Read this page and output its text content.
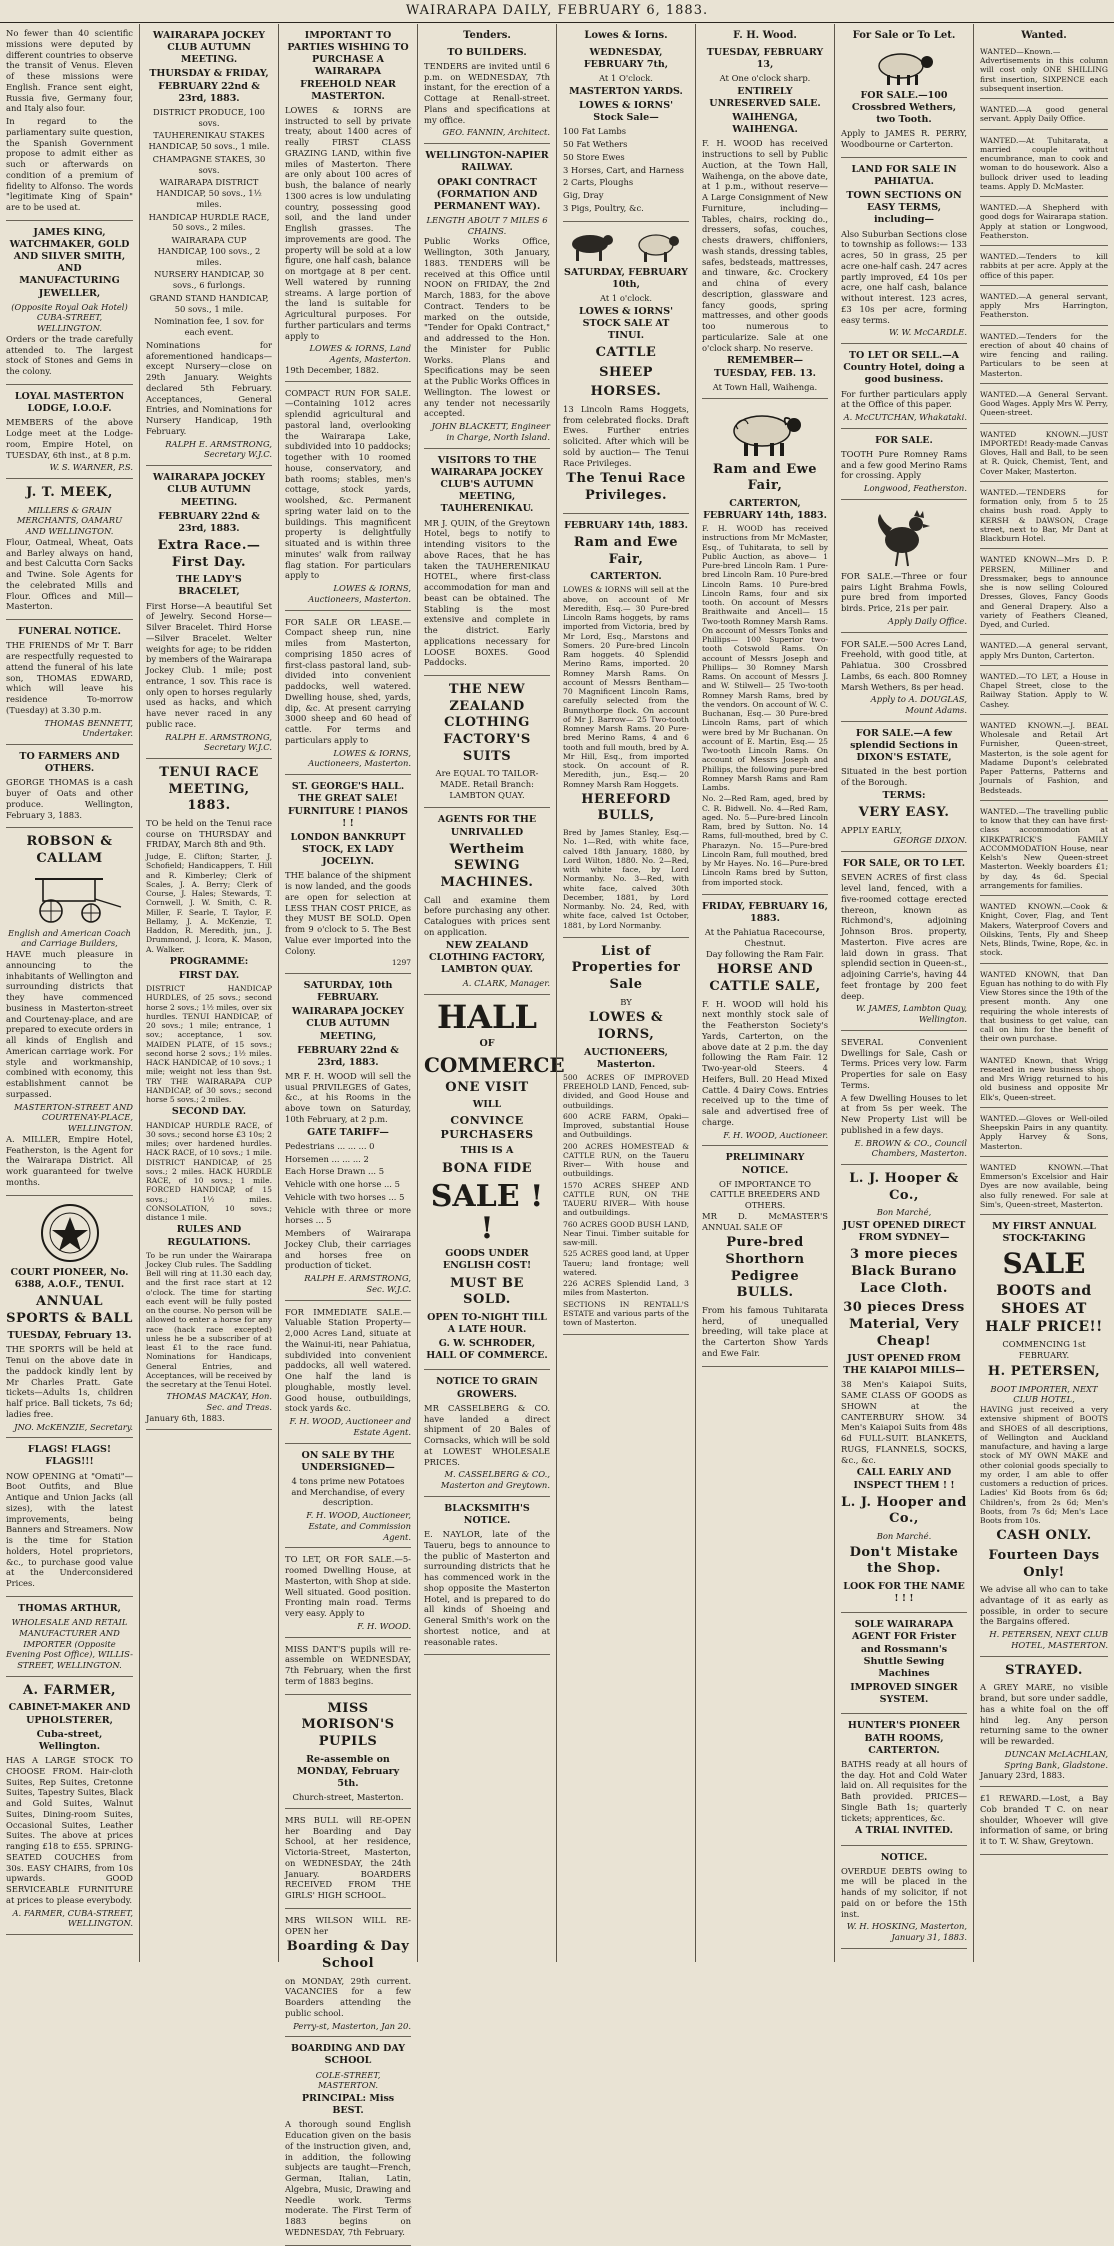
WAIRARAPA DAILY, FEBRUARY 6, 1883.

No fewer than 40 scientific missions were deputed by different countries to observe the transit of Venus. Eleven of these missions were English. France sent eight, Russia five, Germany four, and Italy also four.

In regard to the parliamentary suite question, the Spanish Government propose to admit either as such or afterwards on condition of a premium of fidelity to Alfonso. The words "legitimate King of Spain" are to be used at.

JAMES KING, WATCHMAKER, GOLD AND SILVER SMITH, AND MANUFACTURING JEWELLER,
(Opposite Royal Oak Hotel) CUBA-STREET, WELLINGTON.

Orders or the trade carefully attended to. The largest stock of Stones and Gems in the colony.

LOYAL MASTERTON LODGE, I.O.O.F.

MEMBERS of the above Lodge meet at the Lodge-room, Empire Hotel, on TUESDAY, 6th inst., at 8 p.m.

W. S. WARNER, P.S.
J. T. MEEK,
MILLERS & GRAIN MERCHANTS, OAMARU AND WELLINGTON.

Flour, Oatmeal, Wheat, Oats and Barley always on hand, and best Calcutta Corn Sacks and Twine. Sole Agents for the celebrated Mills and Flour. Offices and Mill—Masterton.

FUNERAL NOTICE.

THE FRIENDS of Mr T. Barr are respectfully requested to attend the funeral of his late son, THOMAS EDWARD, which will leave his residence To-morrow (Tuesday) at 3.30 p.m.

THOMAS BENNETT, Undertaker.
TO FARMERS AND OTHERS.

GEORGE THOMAS is a cash buyer of Oats and other produce. Wellington, February 3, 1883.

ROBSON & CALLAM
English and American Coach and Carriage Builders,

HAVE much pleasure in announcing to the inhabitants of Wellington and surrounding districts that they have commenced business in Masterton-street and Courtenay-place, and are prepared to execute orders in all kinds of English and American carriage work. For style and workmanship, combined with economy, this establishment cannot be surpassed.

MASTERTON-STREET AND COURTENAY-PLACE, WELLINGTON.

A. MILLER, Empire Hotel, Featherston, is the Agent for the Wairarapa District. All work guaranteed for twelve months.

COURT PIONEER, No. 6388, A.O.F., TENUI.
ANNUAL SPORTS & BALL
TUESDAY, February 13.

THE SPORTS will be held at Tenui on the above date in the paddock kindly lent by Mr Charles Pratt. Gate tickets—Adults 1s, children half price. Ball tickets, 7s 6d; ladies free.

JNO. McKENZIE, Secretary.
FLAGS! FLAGS! FLAGS!!!

NOW OPENING at "Omati"—Boot Outfits, and Blue Antique and Union Jacks (all sizes), with the latest improvements, being Banners and Streamers. Now is the time for Station holders, Hotel proprietors, &c., to purchase good value at the Underconsidered Prices.

THOMAS ARTHUR,
WHOLESALE AND RETAIL MANUFACTURER AND IMPORTER (Opposite Evening Post Office), WILLIS-STREET, WELLINGTON.
A. FARMER,
CABINET-MAKER AND UPHOLSTERER,
Cuba-street, Wellington.

HAS A LARGE STOCK TO CHOOSE FROM. Hair-cloth Suites, Rep Suites, Cretonne Suites, Tapestry Suites, Black and Gold Suites, Walnut Suites, Dining-room Suites, Occasional Suites, Leather Suites. The above at prices ranging £18 to £55. SPRING-SEATED COUCHES from 30s. EASY CHAIRS, from 10s upwards. GOOD SERVICEABLE FURNITURE at prices to please everybody.

A. FARMER, CUBA-STREET, WELLINGTON.
WAIRARAPA JOCKEY CLUB AUTUMN MEETING.
THURSDAY & FRIDAY, FEBRUARY 22nd & 23rd, 1883.

DISTRICT PRODUCE, 100 sovs.

TAUHERENIKAU STAKES HANDICAP, 50 sovs., 1 mile.

CHAMPAGNE STAKES, 30 sovs.

WAIRARAPA DISTRICT HANDICAP, 50 sovs., 1½ miles.

HANDICAP HURDLE RACE, 50 sovs., 2 miles.

WAIRARAPA CUP HANDICAP, 100 sovs., 2 miles.

NURSERY HANDICAP, 30 sovs., 6 furlongs.

GRAND STAND HANDICAP, 50 sovs., 1 mile.

Nomination fee, 1 sov. for each event.

Nominations for aforementioned handicaps—except Nursery—close on 29th January. Weights declared 5th February. Acceptances, General Entries, and Nominations for Nursery Handicap, 19th February.

RALPH E. ARMSTRONG, Secretary W.J.C.
WAIRARAPA JOCKEY CLUB AUTUMN MEETING.
FEBRUARY 22nd & 23rd, 1883.
Extra Race.—First Day.
THE LADY'S BRACELET,

First Horse—A beautiful Set of Jewelry. Second Horse—Silver Bracelet. Third Horse—Silver Bracelet. Welter weights for age; to be ridden by members of the Wairarapa Jockey Club. 1 mile; post entrance, 1 sov. This race is only open to horses regularly used as hacks, and which have never raced in any public race.

RALPH E. ARMSTRONG, Secretary W.J.C.
TENUI RACE MEETING, 1883.

TO be held on the Tenui race course on THURSDAY and FRIDAY, March 8th and 9th.

Judge, E. Clifton; Starter, J. Schofield; Handicappers, T. Hill and R. Kimberley; Clerk of Scales, J. A. Berry; Clerk of Course, J. Hales; Stewards, T. Cornwell, J. W. Smith, C. R. Miller, F. Searle, T. Taylor, F. Bellamy, J. A. McKenzie, T. Haddon, R. Meredith, jun., J. Drummond, J. Icora, K. Mason, A. Walker.

PROGRAMME:
FIRST DAY.

DISTRICT HANDICAP HURDLES, of 25 sovs.; second horse 2 sovs.; 1½ miles, over six hurdles. TENUI HANDICAP, of 20 sovs.; 1 mile; entrance, 1 sov.; acceptance, 1 sov. MAIDEN PLATE, of 15 sovs.; second horse 2 sovs.; 1½ miles. HACK HANDICAP, of 10 sovs.; 1 mile; weight not less than 9st. TRY THE WAIRARAPA CUP HANDICAP, of 30 sovs.; second horse 5 sovs.; 2 miles.

SECOND DAY.

HANDICAP HURDLE RACE, of 30 sovs.; second horse £3 10s; 2 miles; over hardened hurdles. HACK RACE, of 10 sovs.; 1 mile. DISTRICT HANDICAP, of 25 sovs.; 2 miles. HACK HURDLE RACE, of 10 sovs.; 1 mile. FORCED HANDICAP, of 15 sovs.; 1½ miles. CONSOLATION, 10 sovs.; distance 1 mile.

RULES AND REGULATIONS.

To be run under the Wairarapa Jockey Club rules. The Saddling Bell will ring at 11.30 each day, and the first race start at 12 o'clock. The time for starting each event will be fully posted on the course. No person will be allowed to enter a horse for any race (hack race excepted) unless he be a subscriber of at least £1 to the race fund. Nominations for Handicaps, General Entries, and Acceptances, will be received by the secretary at the Tenui Hotel.

THOMAS MACKAY, Hon. Sec. and Treas.
January 6th, 1883.
IMPORTANT TO PARTIES WISHING TO PURCHASE A WAIRARAPA FREEHOLD NEAR MASTERTON.

LOWES & IORNS are instructed to sell by private treaty, about 1400 acres of really FIRST CLASS GRAZING LAND, within five miles of Masterton. There are only about 100 acres of bush, the balance of nearly 1300 acres is low undulating country, possessing good soil, and the land under English grasses. The improvements are good. The property will be sold at a low figure, one half cash, balance on mortgage at 8 per cent. Well watered by running streams. A large portion of the land is suitable for Agricultural purposes. For further particulars and terms apply to

LOWES & IORNS, Land Agents, Masterton.
19th December, 1882.

COMPACT RUN FOR SALE.—Containing 1012 acres splendid agricultural and pastoral land, overlooking the Wairarapa Lake, subdivided into 10 paddocks; together with 10 roomed house, conservatory, and bath rooms; stables, men's cottage, stock yards, woolshed, &c. Permanent spring water laid on to the buildings. This magnificent property is delightfully situated and is within three minutes' walk from railway flag station. For particulars apply to

LOWES & IORNS, Auctioneers, Masterton.

FOR SALE OR LEASE.—Compact sheep run, nine miles from Masterton, comprising 1850 acres of first-class pastoral land, sub-divided into convenient paddocks, well watered. Dwelling house, shed, yards, dip, &c. At present carrying 3000 sheep and 60 head of cattle. For terms and particulars apply to

LOWES & IORNS, Auctioneers, Masterton.
ST. GEORGE'S HALL. THE GREAT SALE! FURNITURE ! PIANOS ! !
LONDON BANKRUPT STOCK, EX LADY JOCELYN.

THE balance of the shipment is now landed, and the goods are open for selection at LESS THAN COST PRICE, as they MUST BE SOLD. Open from 9 o'clock to 5. The Best Value ever imported into the Colony.

1297
SATURDAY, 10th FEBRUARY.
WAIRARAPA JOCKEY CLUB AUTUMN MEETING,
FEBRUARY 22nd & 23rd, 1883.

MR F. H. WOOD will sell the usual PRIVILEGES of Gates, &c., at his Rooms in the above town on Saturday, 10th February, at 2 p.m.

GATE TARIFF—

Pedestrians ... ... ... 0

Horsemen ... ... ... 2

Each Horse Drawn ... 5

Vehicle with one horse ... 5

Vehicle with two horses ... 5

Vehicle with three or more horses ... 5

Members of Wairarapa Jockey Club, their carriages and horses free on production of ticket.

RALPH E. ARMSTRONG, Sec. W.J.C.

FOR IMMEDIATE SALE.—Valuable Station Property—2,000 Acres Land, situate at the Wainui-iti, near Pahiatua, subdivided into convenient paddocks, all well watered. One half the land is ploughable, mostly level. Good house, outbuildings, stock yards &c.

F. H. WOOD, Auctioneer and Estate Agent.
ON SALE BY THE UNDERSIGNED—

4 tons prime new Potatoes and Merchandise, of every description.

F. H. WOOD, Auctioneer, Estate, and Commission Agent.

TO LET, OR FOR SALE.—5-roomed Dwelling House, at Masterton, with Shop at side. Well situated. Good position. Fronting main road. Terms very easy. Apply to

F. H. WOOD.

MISS DANT'S pupils will re-assemble on WEDNESDAY, 7th February, when the first term of 1883 begins.

MISS MORISON'S PUPILS
Re-assemble on MONDAY, February 5th.
Church-street, Masterton.

MRS BULL will RE-OPEN her Boarding and Day School, at her residence, Victoria-Street, Masterton, on WEDNESDAY, the 24th January. BOARDERS RECEIVED FROM THE GIRLS' HIGH SCHOOL.

MRS WILSON WILL RE-OPEN her

Boarding & Day School

on MONDAY, 29th current. VACANCIES for a few Boarders attending the public school.

Perry-st, Masterton, Jan 20.
BOARDING AND DAY SCHOOL
COLE-STREET, MASTERTON.
PRINCIPAL: Miss BEST.

A thorough sound English Education given on the basis of the instruction given, and, in addition, the following subjects are taught—French, German, Italian, Latin, Algebra, Music, Drawing and Needle work. Terms moderate. The First Term of 1883 begins on WEDNESDAY, 7th February.

Tenders.
TO BUILDERS.

TENDERS are invited until 6 p.m. on WEDNESDAY, 7th instant, for the erection of a Cottage at Renall-street. Plans and specifications at my office.

GEO. FANNIN, Architect.
WELLINGTON-NAPIER RAILWAY.
OPAKI CONTRACT (FORMATION AND PERMANENT WAY).
LENGTH ABOUT 7 MILES 6 CHAINS.

Public Works Office, Wellington, 30th January, 1883. TENDERS will be received at this Office until NOON on FRIDAY, the 2nd March, 1883, for the above Contract. Tenders to be marked on the outside, "Tender for Opaki Contract," and addressed to the Hon. the Minister for Public Works. Plans and Specifications may be seen at the Public Works Offices in Wellington. The lowest or any tender not necessarily accepted.

JOHN BLACKETT, Engineer in Charge, North Island.
VISITORS TO THE WAIRARAPA JOCKEY CLUB'S AUTUMN MEETING, TAUHERENIKAU.

MR J. QUIN, of the Greytown Hotel, begs to notify to intending visitors to the above Races, that he has taken the TAUHERENIKAU HOTEL, where first-class accommodation for man and beast can be obtained. The Stabling is the most extensive and complete in the district. Early applications necessary for LOOSE BOXES. Good Paddocks.

THE NEW ZEALAND CLOTHING FACTORY'S SUITS

Are EQUAL TO TAILOR-MADE. Retail Branch: LAMBTON QUAY.

AGENTS FOR THE UNRIVALLED
Wertheim SEWING MACHINES.

Call and examine them before purchasing any other. Catalogues with prices sent on application.

NEW ZEALAND CLOTHING FACTORY, LAMBTON QUAY.
A. CLARK, Manager.
HALL
OF
COMMERCE
ONE VISIT
WILL
CONVINCE PURCHASERS
THIS IS A
BONA FIDE
SALE ! !
GOODS UNDER ENGLISH COST!
MUST BE SOLD.
OPEN TO-NIGHT TILL A LATE HOUR.
G. W. SCHRODER, HALL OF COMMERCE.
NOTICE TO GRAIN GROWERS.

MR CASSELBERG & CO. have landed a direct shipment of 20 Bales of Cornsacks, which will be sold at LOWEST WHOLESALE PRICES.

M. CASSELBERG & CO., Masterton and Greytown.
BLACKSMITH'S NOTICE.

E. NAYLOR, late of the Taueru, begs to announce to the public of Masterton and surrounding districts that he has commenced work in the shop opposite the Masterton Hotel, and is prepared to do all kinds of Shoeing and General Smith's work on the shortest notice, and at reasonable rates.

Lowes & Iorns.
WEDNESDAY, FEBRUARY 7th,
At 1 O'clock.
MASTERTON YARDS.
LOWES & IORNS' Stock Sale—

100 Fat Lambs

50 Fat Wethers

50 Store Ewes

3 Horses, Cart, and Harness

2 Carts, Ploughs

Gig, Dray

3 Pigs, Poultry, &c.

SATURDAY, FEBRUARY 10th,
At 1 o'clock.
LOWES & IORNS' STOCK SALE AT TINUI.
CATTLE
SHEEP
HORSES.

13 Lincoln Rams Hoggets, from celebrated flocks. Draft Ewes. Further entries solicited. After which will be sold by auction— The Tenui Race Privileges.

The Tenui Race Privileges.
FEBRUARY 14th, 1883.
Ram and Ewe Fair,
CARTERTON.

LOWES & IORNS will sell at the above, on account of Mr Meredith, Esq.— 30 Pure-bred Lincoln Rams hoggets, by rams imported from Victoria, bred by Mr Lord, Esq., Marstons and Somers. 20 Pure-bred Lincoln Ram hoggets. 40 Splendid Merino Rams, imported. 20 Romney Marsh Rams. On account of Messrs Bentham— 70 Magnificent Lincoln Rams, carefully selected from the Bunnythorpe flock. On account of Mr J. Barrow— 25 Two-tooth Romney Marsh Rams. 20 Pure-bred Merino Rams, 4 and 6 tooth and full mouth, bred by A. Mr Hill, Esq., from imported stock. On account of R. Meredith, jun., Esq.— 20 Romney Marsh Ram Hoggets.

HEREFORD BULLS,

Bred by James Stanley, Esq.— No. 1—Red, with white face, calved 18th January, 1880, by Lord Wilton, 1880. No. 2—Red, with white face, by Lord Normanby. No. 3—Red, with white face, calved 30th December, 1881, by Lord Normanby. No. 24, Red, with white face, calved 1st October, 1881, by Lord Normanby.

List of Properties for Sale
BY
LOWES & IORNS,
AUCTIONEERS, Masterton.

500 ACRES OF IMPROVED FREEHOLD LAND, Fenced, sub-divided, and Good House and outbuildings.

600 ACRE FARM, Opaki— Improved, substantial House and Outbuildings.

200 ACRES HOMESTEAD & CATTLE RUN, on the Taueru River— With house and outbuildings.

1570 ACRES SHEEP AND CATTLE RUN, ON THE TAUERU RIVER— With house and outbuildings.

760 ACRES GOOD BUSH LAND, Near Tinui. Timber suitable for saw-mill.

525 ACRES good land, at Upper Taueru; land frontage; well watered.

226 ACRES Splendid Land, 3 miles from Masterton.

SECTIONS IN RENTALL'S ESTATE and various parts of the town of Masterton.

F. H. Wood.
TUESDAY, FEBRUARY 13,
At One o'clock sharp.
ENTIRELY UNRESERVED SALE.
WAIHENGA, WAIHENGA.

F. H. WOOD has received instructions to sell by Public Auction, at the Town Hall, Waihenga, on the above date, at 1 p.m., without reserve— A Large Consignment of New Furniture, including— Tables, chairs, rocking do., dressers, sofas, couches, chests drawers, chiffoniers, wash stands, dressing tables, safes, bedsteads, mattresses, and tinware, &c. Crockery and china of every description, glassware and fancy goods, spring mattresses, and other goods too numerous to particularize. Sale at one o'clock sharp. No reserve.

REMEMBER—TUESDAY, FEB. 13.
At Town Hall, Waihenga.
Ram and Ewe Fair,
CARTERTON, FEBRUARY 14th, 1883.

F. H. WOOD has received instructions from Mr McMaster, Esq., of Tuhitarata, to sell by Public Auction, as above— 1 Pure-bred Lincoln Ram. 1 Pure-bred Lincoln Ram. 10 Pure-bred Lincoln Rams. 10 Pure-bred Lincoln Rams, four and six tooth. On account of Messrs Braithwaite and Ancell— 15 Two-tooth Romney Marsh Rams. On account of Messrs Tonks and Phillips— 100 Superior two-tooth Cotswold Rams. On account of Messrs Joseph and Phillips— 30 Romney Marsh Rams. On account of Messrs J. and W. Stilwell— 25 Two-tooth Romney Marsh Rams, bred by the vendors. On account of W. C. Buchanan, Esq.— 30 Pure-bred Lincoln Rams, part of which were bred by Mr Buchanan. On account of E. Martin, Esq.— 25 Two-tooth Lincoln Rams. On account of Messrs Joseph and Phillips, the following pure-bred Romney Marsh Rams and Ram Lambs.

No. 2—Red Ram, aged, bred by C. R. Bidwell. No. 4—Red Ram, aged. No. 5—Pure-bred Lincoln Ram, bred by Sutton. No. 14 Rams, full-mouthed, bred by C. Pharazyn. No. 15—Pure-bred Lincoln Ram, full mouthed, bred by Mr Hayes. No. 16—Pure-bred Lincoln Rams bred by Sutton, from imported stock.

FRIDAY, FEBRUARY 16, 1883.
At the Pahiatua Racecourse, Chestnut.
Day following the Ram Fair.
HORSE AND CATTLE SALE,

F. H. WOOD will hold his next monthly stock sale of the Featherston Society's Yards, Carterton, on the above date at 2 p.m. the day following the Ram Fair. 12 Two-year-old Steers. 4 Heifers, Bull. 20 Head Mixed Cattle. 4 Dairy Cows. Entries received up to the time of sale and advertised free of charge.

F. H. WOOD, Auctioneer.
PRELIMINARY NOTICE.
OF IMPORTANCE TO CATTLE BREEDERS AND OTHERS.

MR D. McMASTER'S ANNUAL SALE OF

Pure-bred Shorthorn Pedigree BULLS.

From his famous Tuhitarata herd, of unequalled breeding, will take place at the Carterton Show Yards and Ewe Fair.

For Sale or To Let.
FOR SALE.—100 Crossbred Wethers, two Tooth.

Apply to JAMES R. PERRY, Woodbourne or Carterton.

LAND FOR SALE IN PAHIATUA.
TOWN SECTIONS ON EASY TERMS, including—

Also Suburban Sections close to township as follows:— 133 acres, 50 in grass, 25 per acre one-half cash. 247 acres partly improved, £4 10s per acre, one half cash, balance without interest. 123 acres, £3 10s per acre, forming easy terms.

W. W. McCARDLE.
TO LET OR SELL.—A Country Hotel, doing a good business.

For further particulars apply at the Office of this paper.

A. McCUTCHAN, Whakataki.
FOR SALE.

TOOTH Pure Romney Rams and a few good Merino Rams for crossing. Apply

Longwood, Featherston.

FOR SALE.—Three or four pairs Light Brahma Fowls, pure bred from imported birds. Price, 21s per pair.

Apply Daily Office.

FOR SALE.—500 Acres Land, Freehold, with good title, at Pahiatua. 300 Crossbred Lambs, 6s each. 800 Romney Marsh Wethers, 8s per head.

Apply to A. DOUGLAS, Mount Adams.
FOR SALE.—A few splendid Sections in DIXON'S ESTATE,

Situated in the best portion of the Borough.

TERMS:
VERY EASY.
APPLY EARLY,
GEORGE DIXON.
FOR SALE, OR TO LET.

SEVEN ACRES of first class level land, fenced, with a five-roomed cottage erected thereon, known as Richmond's, adjoining Johnson Bros. property, Masterton. Five acres are laid down in grass. That splendid section in Queen-st., adjoining Carrie's, having 44 feet frontage by 200 feet deep.

W. JAMES, Lambton Quay, Wellington.

SEVERAL Convenient Dwellings for Sale, Cash or Terms. Prices very low. Farm Properties for sale on Easy Terms.

A few Dwelling Houses to let at from 5s per week. The New Property List will be published in a few days.

E. BROWN & CO., Council Chambers, Masterton.
L. J. Hooper & Co.,
Bon Marché,
JUST OPENED DIRECT FROM SYDNEY—
3 more pieces Black Burano Lace Cloth.
30 pieces Dress Material, Very Cheap!
JUST OPENED FROM THE KAIAPOI MILLS—

38 Men's Kaiapoi Suits, SAME CLASS OF GOODS as SHOWN at the CANTERBURY SHOW. 34 Men's Kaiapoi Suits from 48s 6d FULL-SUIT. BLANKETS, RUGS, FLANNELS, SOCKS, &c., &c.

CALL EARLY AND INSPECT THEM ! !
L. J. Hooper and Co.,
Bon Marché.
Don't Mistake the Shop.
LOOK FOR THE NAME ! ! !
SOLE WAIRARAPA AGENT FOR Frister and Rossmann's Shuttle Sewing Machines
IMPROVED SINGER SYSTEM.
HUNTER'S PIONEER BATH ROOMS, CARTERTON.

BATHS ready at all hours of the day. Hot and Cold Water laid on. All requisites for the Bath provided. PRICES—Single Bath 1s; quarterly tickets; apprentices, &c.

A TRIAL INVITED.
NOTICE.

OVERDUE DEBTS owing to me will be placed in the hands of my solicitor, if not paid on or before the 15th inst.

W. H. HOSKING, Masterton, January 31, 1883.
Wanted.
WANTED—Known.—Advertisements in this column will cost only ONE SHILLING first insertion, SIXPENCE each subsequent insertion.
WANTED.—A good general servant. Apply Daily Office.
WANTED.—At Tuhitarata, a married couple without encumbrance, man to cook and woman to do housework. Also a bullock driver used to leading teams. Apply D. McMaster.
WANTED.—A Shepherd with good dogs for Wairarapa station. Apply at station or Longwood, Featherston.
WANTED.—Tenders to kill rabbits at per acre. Apply at the office of this paper.
WANTED.—A general servant, apply Mrs Harrington, Featherston.
WANTED.—Tenders for the erection of about 40 chains of wire fencing and railing. Particulars to be seen at Masterton.
WANTED.—A General Servant. Good Wages. Apply Mrs W. Perry, Queen-street.
WANTED KNOWN.—JUST IMPORTED! Ready-made Canvas Gloves, Hall and Ball, to be seen at R. Quick, Chemist, Tent, and Cover Maker, Masterton.
WANTED.—TENDERS for formation only, from 5 to 25 chains bush road. Apply to KERSH & DAWSON, Crage street, next to Bar, Mr Dant at Blackburn Hotel.
WANTED KNOWN—Mrs D. P. PERSEN, Milliner and Dressmaker, begs to announce she is now selling Coloured Dresses, Gloves, Fancy Goods and General Drapery. Also a variety of Feathers Cleaned, Dyed, and Curled.
WANTED.—A general servant, apply Mrs Dunton, Carterton.
WANTED.—TO LET, a House in Chapel Street, close to the Railway Station. Apply to W. Cashey.
WANTED KNOWN.—J. BEAL Wholesale and Retail Art Furnisher, Queen-street, Masterton, is the sole agent for Madame Dupont's celebrated Paper Patterns, Patterns and Journals of Fashion, and Bedsteads.
WANTED.—The travelling public to know that they can have first-class accommodation at KIRKPATRICK'S FAMILY ACCOMMODATION House, near Kelsh's New Queen-street Masterton. Weekly boarders £1; by day, 4s 6d. Special arrangements for families.
WANTED KNOWN.—Cook & Knight, Cover, Flag, and Tent Makers, Waterproof Covers and Oilskins, Tents, Fly and Sheep Nets, Blinds, Twine, Rope, &c. in stock.
WANTED KNOWN, that Dan Eguan has nothing to do with Fly View Stores since the 19th of the present month. Any one requiring the whole interests of that business to get value, can call on him for the benefit of their own purchase.
WANTED Known, that Wrigg reseated in new business shop, and Mrs Wrigg returned to his old business and opposite Mr Elk's, Queen-street.
WANTED.—Gloves or Well-oiled Sheepskin Pairs in any quantity. Apply Harvey & Sons, Masterton.
WANTED KNOWN.—That Emmerson's Excelsior and Hair Dyes are now available, being also fully renewed. For sale at Sim's, Queen-street, Masterton.
MY FIRST ANNUAL STOCK-TAKING
SALE
BOOTS and SHOES AT HALF PRICE!!
COMMENCING 1st FEBRUARY.
H. PETERSEN,
BOOT IMPORTER, NEXT CLUB HOTEL,

HAVING just received a very extensive shipment of BOOTS and SHOES of all descriptions, of Wellington and Auckland manufacture, and having a large stock of MY OWN MAKE and other colonial goods specially to my order, I am able to offer customers a reduction of prices. Ladies' Kid Boots from 6s 6d; Children's, from 2s 6d; Men's Boots, from 7s 6d; Men's Lace Boots from 10s.

CASH ONLY.
Fourteen Days Only!

We advise all who can to take advantage of it as early as possible, in order to secure the Bargains offered.

H. PETERSEN, NEXT CLUB HOTEL, MASTERTON.
STRAYED.

A GREY MARE, no visible brand, but sore under saddle, has a white foal on the off hind leg. Any person returning same to the owner will be rewarded.

DUNCAN McLACHLAN, Spring Bank, Gladstone.
January 23rd, 1883.

£1 REWARD.—Lost, a Bay Cob branded T C. on near shoulder, Whoever will give information of same, or bring it to T. W. Shaw, Greytown.
